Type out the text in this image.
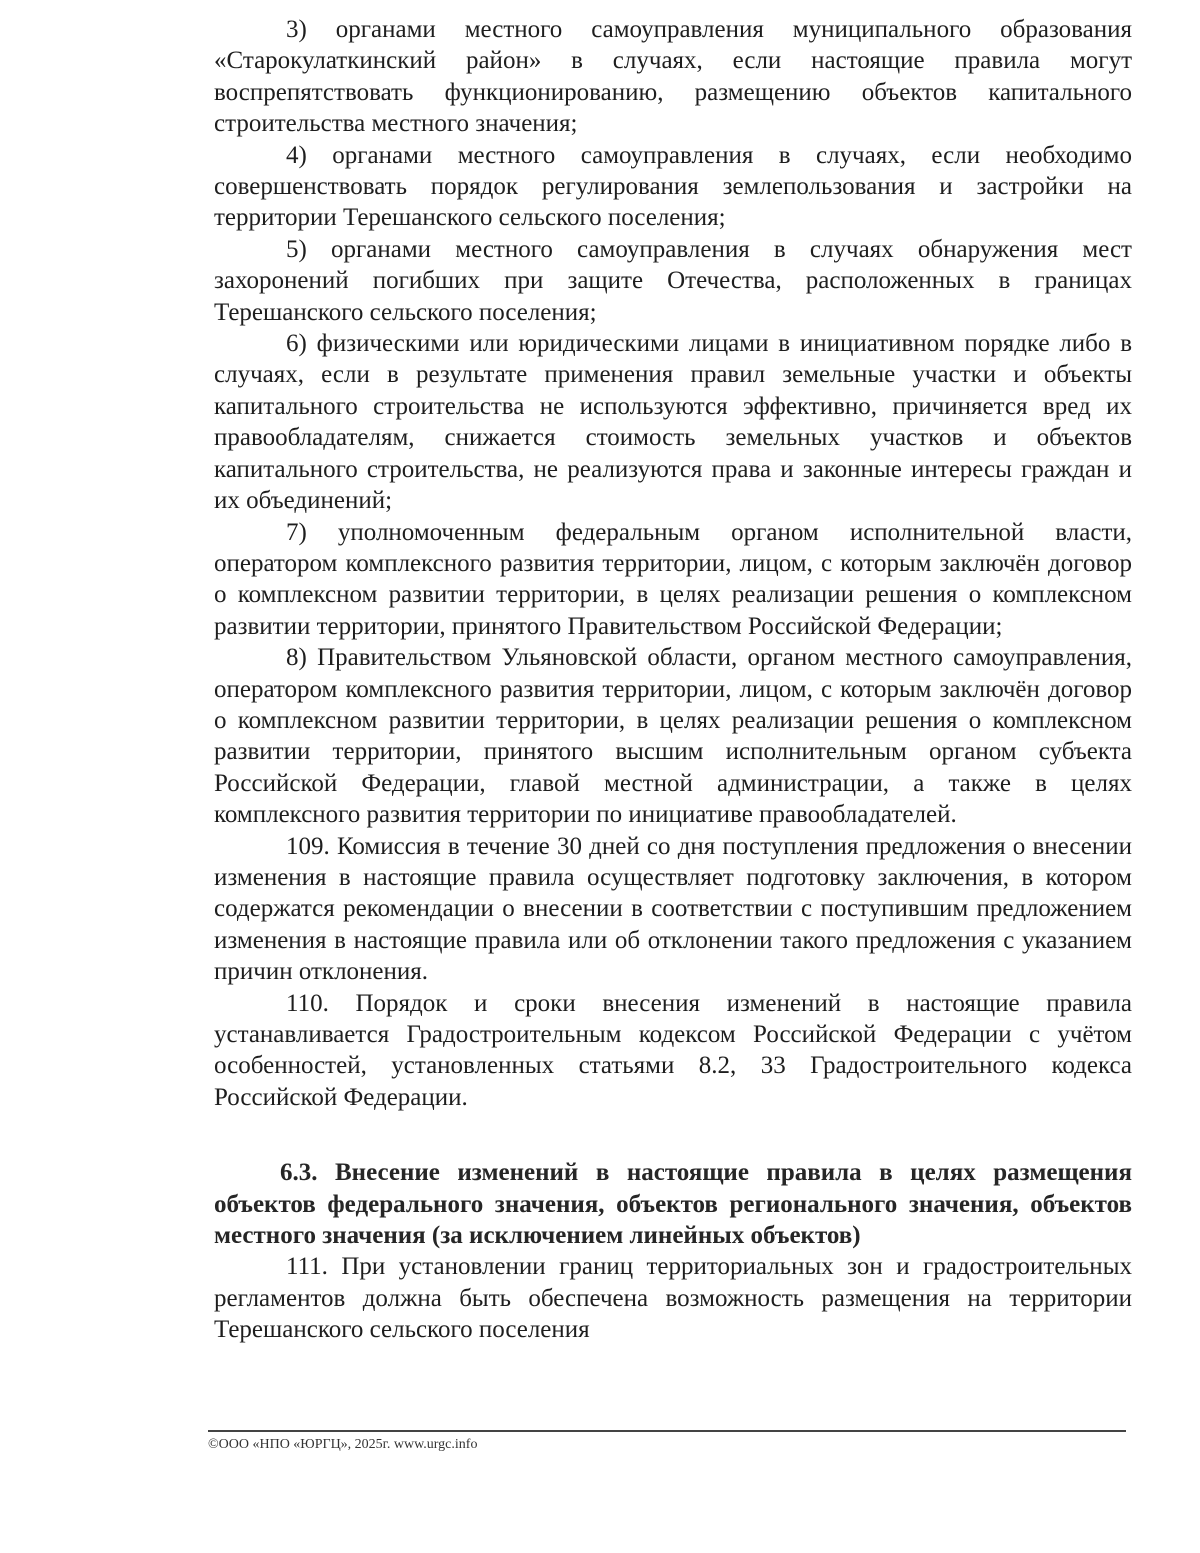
3) органами местного самоуправления муниципального образования «Старокулаткинский район» в случаях, если настоящие правила могут воспрепятствовать функционированию, размещению объектов капитального строительства местного значения;

4) органами местного самоуправления в случаях, если необходимо совершенствовать порядок регулирования землепользования и застройки на территории Терешанского сельского поселения;

5) органами местного самоуправления в случаях обнаружения мест захоронений погибших при защите Отечества, расположенных в границах Терешанского сельского поселения;

6) физическими или юридическими лицами в инициативном порядке либо в случаях, если в результате применения правил земельные участки и объекты капитального строительства не используются эффективно, причиняется вред их правообладателям, снижается стоимость земельных участков и объектов капитального строительства, не реализуются права и законные интересы граждан и их объединений;

7) уполномоченным федеральным органом исполнительной власти, оператором комплексного развития территории, лицом, с которым заключён договор о комплексном развитии территории, в целях реализации решения о комплексном развитии территории, принятого Правительством Российской Федерации;

8) Правительством Ульяновской области, органом местного самоуправления, оператором комплексного развития территории, лицом, с которым заключён договор о комплексном развитии территории, в целях реализации решения о комплексном развитии территории, принятого высшим исполнительным органом субъекта Российской Федерации, главой местной администрации, а также в целях комплексного развития территории по инициативе правообладателей.

109. Комиссия в течение 30 дней со дня поступления предложения о внесении изменения в настоящие правила осуществляет подготовку заключения, в котором содержатся рекомендации о внесении в соответствии с поступившим предложением изменения в настоящие правила или об отклонении такого предложения с указанием причин отклонения.

110. Порядок и сроки внесения изменений в настоящие правила устанавливается Градостроительным кодексом Российской Федерации с учётом особенностей, установленных статьями 8.2, 33 Градостроительного кодекса Российской Федерации.

6.3. Внесение изменений в настоящие правила в целях размещения объектов федерального значения, объектов регионального значения, объектов местного значения (за исключением линейных объектов)

111. При установлении границ территориальных зон и градостроительных регламентов должна быть обеспечена возможность размещения на территории Терешанского сельского поселения

©ООО «НПО «ЮРГЦ», 2025г. www.urgc.info
